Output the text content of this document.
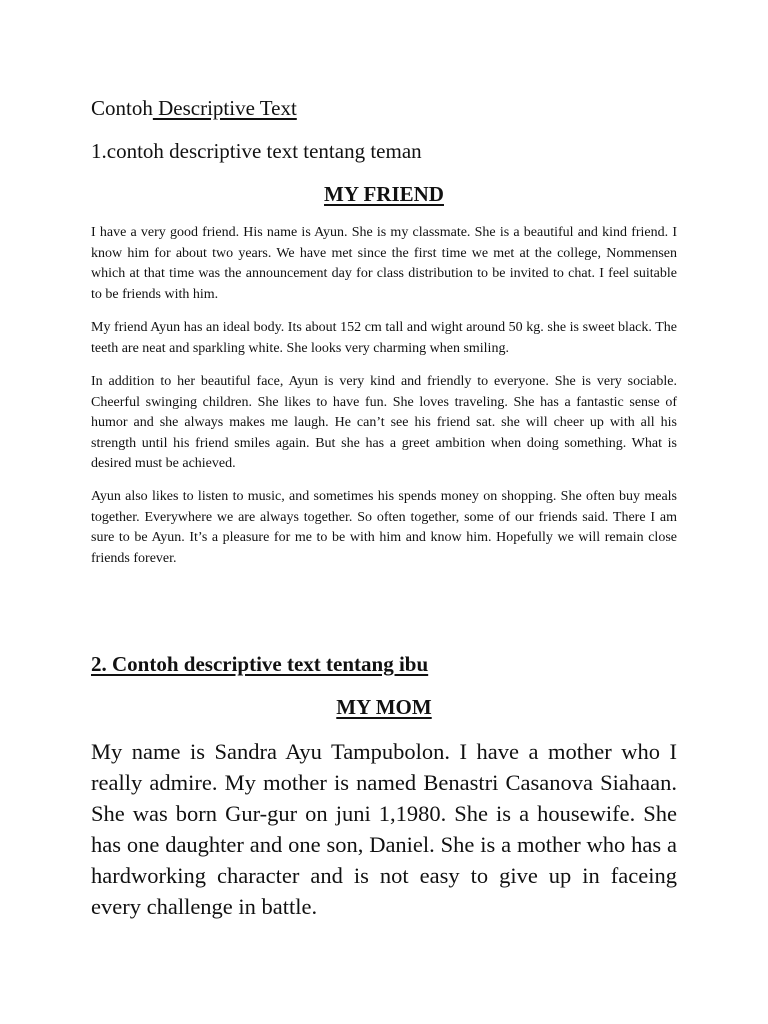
Contoh Descriptive Text
1.contoh descriptive text tentang teman
MY FRIEND

I have a very good friend. His name is Ayun. She is my classmate. She is a beautiful and kind friend. I know him for about two years. We have met since the first time we met at the college, Nommensen which at that time was the announcement day for class distribution to be invited to chat. I feel suitable to be friends with him.

My friend Ayun has an ideal body. Its about 152 cm tall and wight around 50 kg. she is sweet black. The teeth are neat and sparkling white. She looks very charming when smiling.

In addition to her beautiful face, Ayun is very kind and friendly to everyone. She is very sociable. Cheerful swinging children. She likes to have fun. She loves traveling. She has a fantastic sense of humor and she always makes me laugh. He can’t see his friend sat. she will cheer up with all his strength until his friend smiles again. But she has a greet ambition when doing something. What is desired must be achieved.

Ayun also likes to listen to music, and sometimes his spends money on shopping. She often buy meals together. Everywhere we are always together. So often together, some of our friends said. There I am sure to be Ayun. It’s a pleasure for me to be with him and know him. Hopefully we will remain close friends forever.

2. Contoh descriptive text tentang ibu
MY MOM

My name is Sandra Ayu Tampubolon. I have a mother who I really admire. My mother is named Benastri Casanova Siahaan. She was born Gur-gur on juni 1,1980. She is a housewife. She has one daughter and one son, Daniel. She is a mother who has a hardworking character and is not easy to give up in faceing every challenge in battle.
